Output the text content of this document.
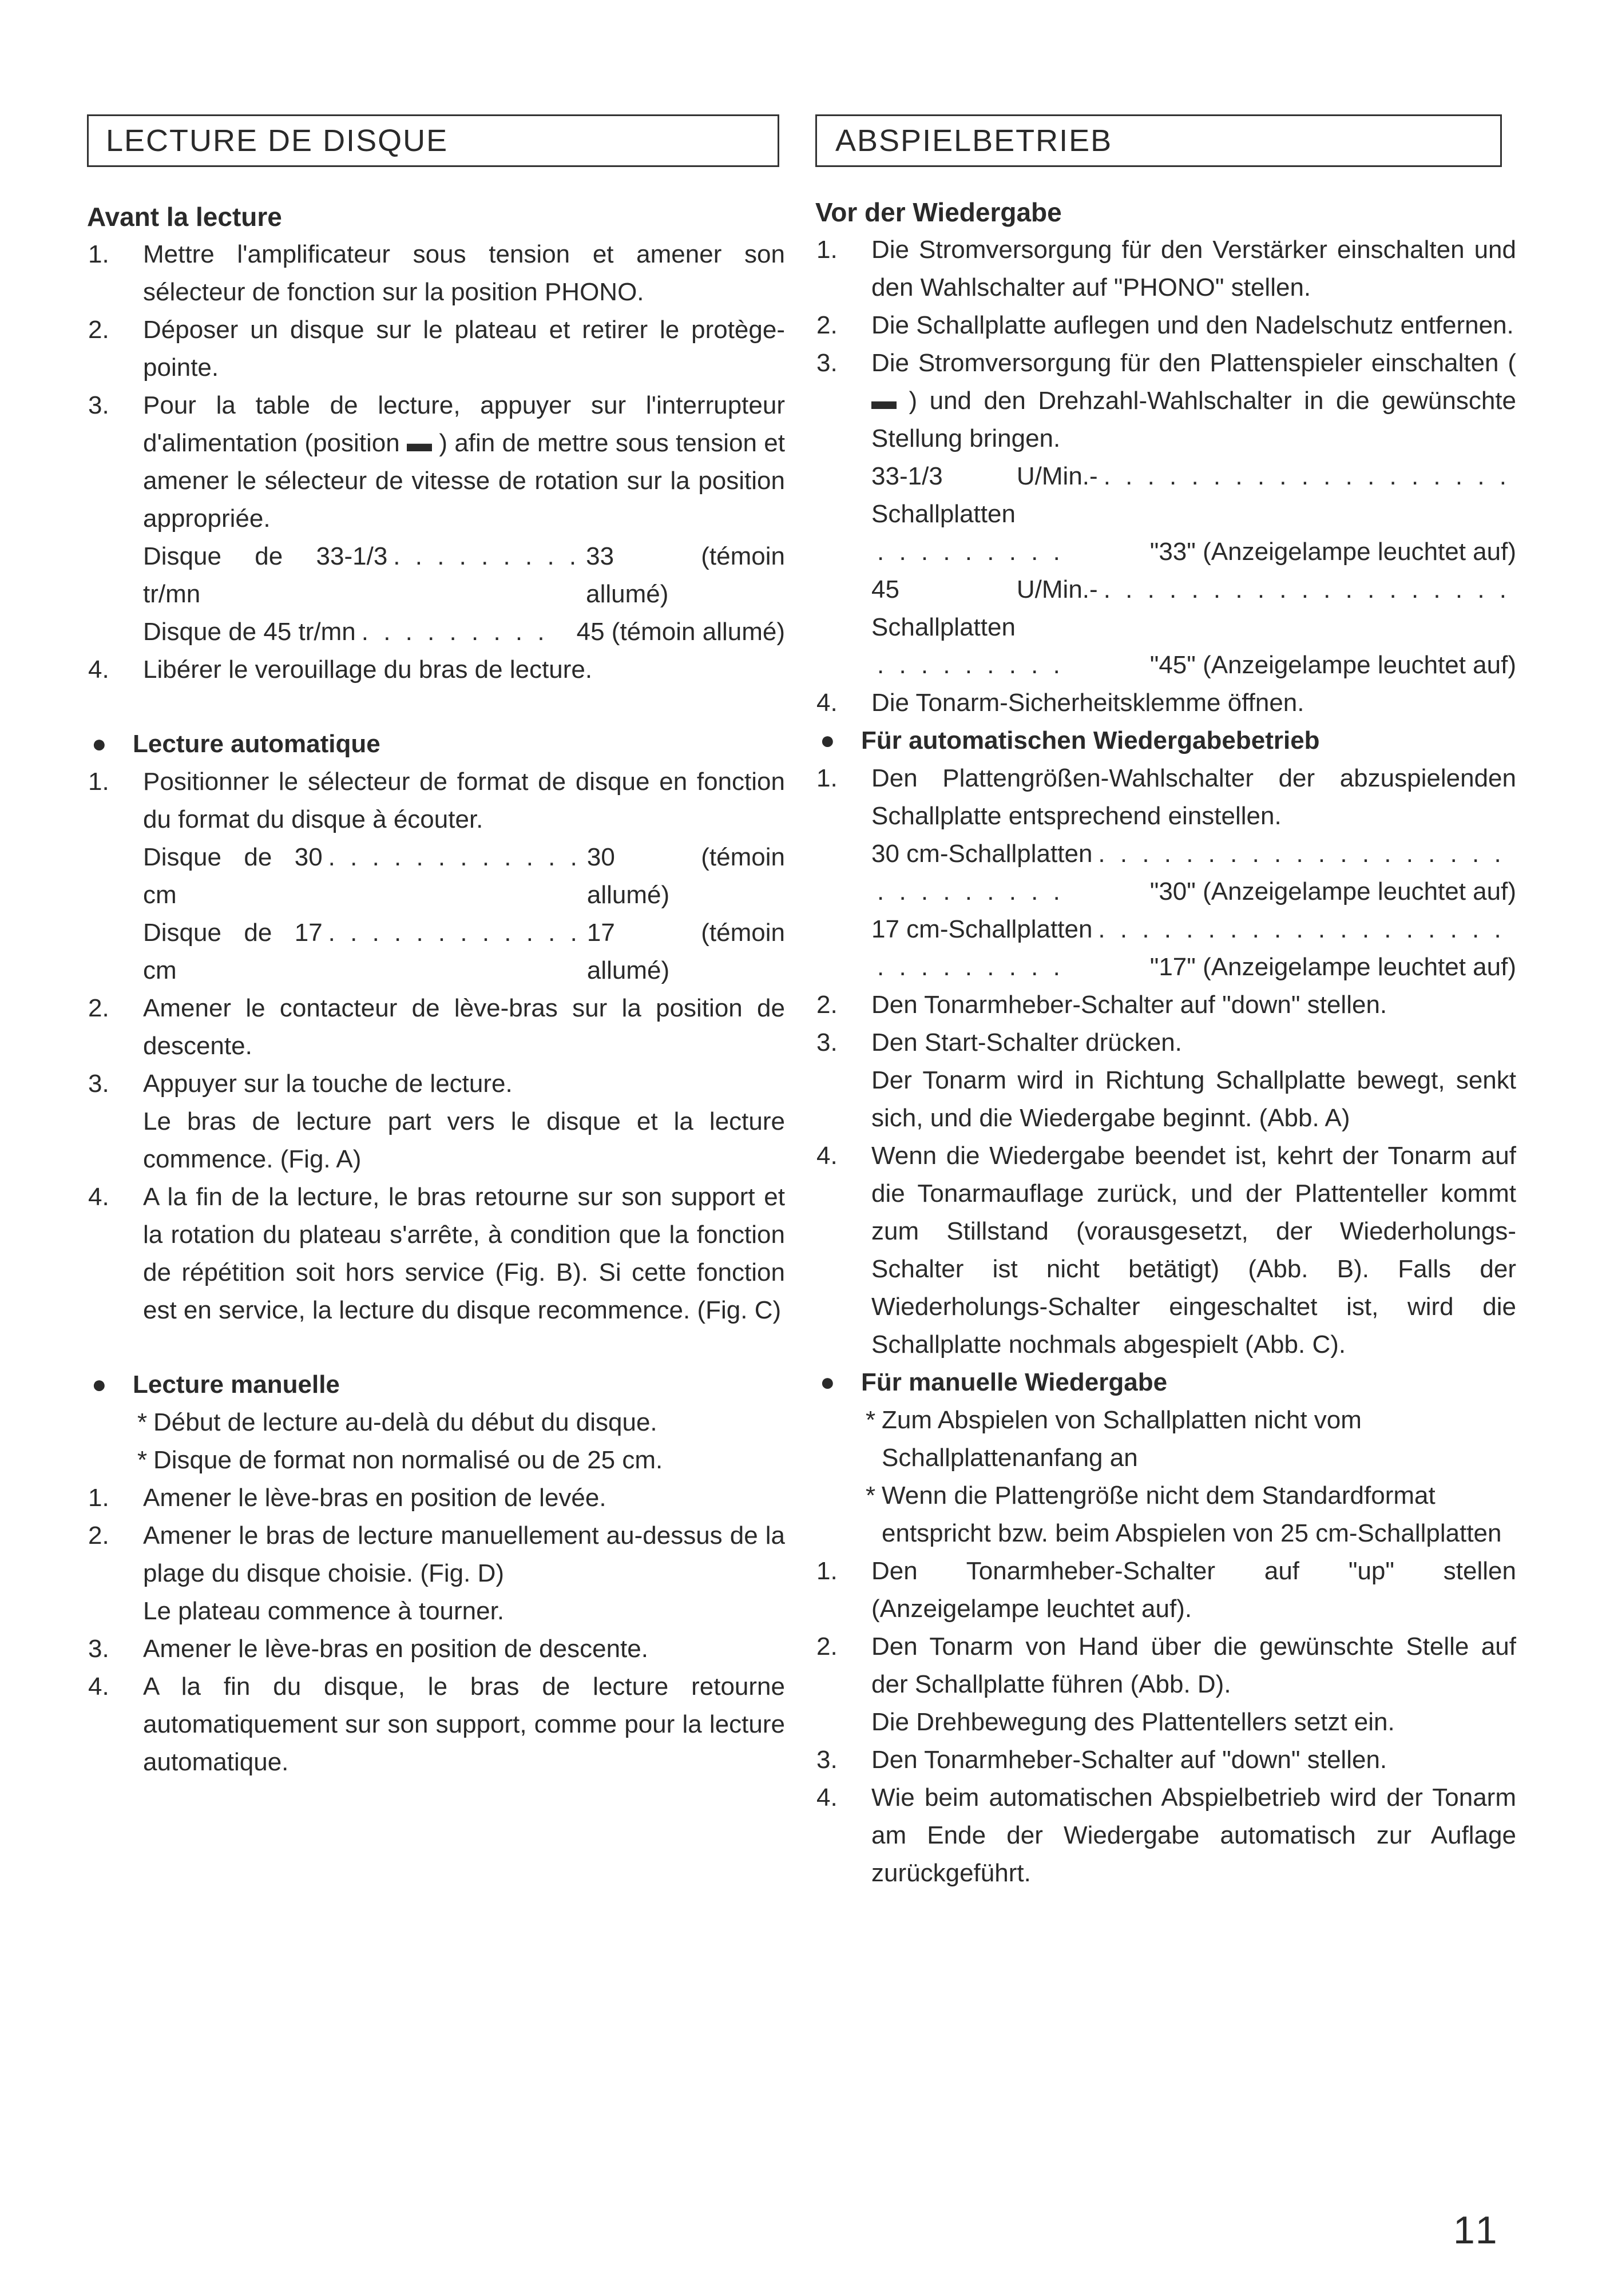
LECTURE DE DISQUE
Avant la lecture
1. Mettre l'amplificateur sous tension et amener son sélecteur de fonction sur la position PHONO.

2. Déposer un disque sur le plateau et retirer le protège-pointe.

3. Pour la table de lecture, appuyer sur l'interrupteur d'alimentation (position ▬ ) afin de mettre sous tension et amener le sélecteur de vitesse de rotation sur la position appropriée.

Disque de 33-1/3 tr/mn
. . . . . . . . . 33 (témoin allumé)
Disque de 45 tr/mn . . . . . . . . .	45 (témoin allumé)
4. Libérer le verouillage du bras de lecture.

● Lecture automatique
1. Positionner le sélecteur de format de disque en fonction du format du disque à écouter.

Disque de 30 cm
. . . . . . . . . . . . 30 (témoin allumé)
Disque de 17 cm
. . . . . . . . . . . . 17 (témoin allumé)
2. Amener le contacteur de lève-bras sur la position de descente.

3. Appuyer sur la touche de lecture.

Le bras de lecture part vers le disque et la lecture commence. (Fig. A)

4. A la fin de la lecture, le bras retourne sur son support et la rotation du plateau s'arrête, à condition que la fonction de répétition soit hors service (Fig. B). Si cette fonction est en service, la lecture du disque recommence. (Fig. C)

● Lecture manuelle
* Début de lecture au-delà du début du disque.
* Disque de format non normalisé ou de 25 cm.
1. Amener le lève-bras en position de levée.

2. Amener le bras de lecture manuellement au-dessus de la plage du disque choisie. (Fig. D)

Le plateau commence à tourner.

3. Amener le lève-bras en position de descente.

4. A la fin du disque, le bras de lecture retourne automatiquement sur son support, comme pour la lecture automatique.

ABSPIELBETRIEB
Vor der Wiedergabe
1. Die Stromversorgung für den Verstärker einschalten und den Wahlschalter auf "PHONO" stellen.

2. Die Schallplatte auflegen und den Nadelschutz entfernen.

3. Die Stromversorgung für den Plattenspieler einschalten ( ▬ ) und den Drehzahl-Wahlschalter in die gewünschte Stellung bringen.

33-1/3 U/Min.-Schallplatten
. . . . . . . . . . . . . . . . . . .
. . . . . . . . .	"33" (Anzeigelampe leuchtet auf)
45 U/Min.-Schallplatten
. . . . . . . . . . . . . . . . . . .
. . . . . . . . .	"45" (Anzeigelampe leuchtet auf)
4. Die Tonarm-Sicherheitsklemme öffnen.

● Für automatischen Wiedergabebetrieb
1. Den Plattengrößen-Wahlschalter der abzuspielenden Schallplatte entsprechend einstellen.

30 cm-Schallplatten . . . . . . . . . . . . . . . . . . .
. . . . . . . . .	"30" (Anzeigelampe leuchtet auf)
17 cm-Schallplatten . . . . . . . . . . . . . . . . . . .
. . . . . . . . .	"17" (Anzeigelampe leuchtet auf)
2. Den Tonarmheber-Schalter auf "down" stellen.

3. Den Start-Schalter drücken.

Der Tonarm wird in Richtung Schallplatte bewegt, senkt sich, und die Wiedergabe beginnt. (Abb. A)

4. Wenn die Wiedergabe beendet ist, kehrt der Tonarm auf die Tonarmauflage zurück, und der Plattenteller kommt zum Stillstand (vorausgesetzt, der Wiederholungs-Schalter ist nicht betätigt) (Abb. B). Falls der Wiederholungs-Schalter eingeschaltet ist, wird die Schallplatte nochmals abgespielt (Abb. C).

● Für manuelle Wiedergabe
* Zum Abspielen von Schallplatten nicht vom Schallplattenanfang an
* Wenn die Plattengröße nicht dem Standardformat entspricht bzw. beim Abspielen von 25 cm-Schallplatten
1. Den Tonarmheber-Schalter auf "up" stellen (Anzeigelampe leuchtet auf).

2. Den Tonarm von Hand über die gewünschte Stelle auf der Schallplatte führen (Abb. D).

Die Drehbewegung des Plattentellers setzt ein.

3. Den Tonarmheber-Schalter auf "down" stellen.

4. Wie beim automatischen Abspielbetrieb wird der Tonarm am Ende der Wiedergabe automatisch zur Auflage zurückgeführt.

11
